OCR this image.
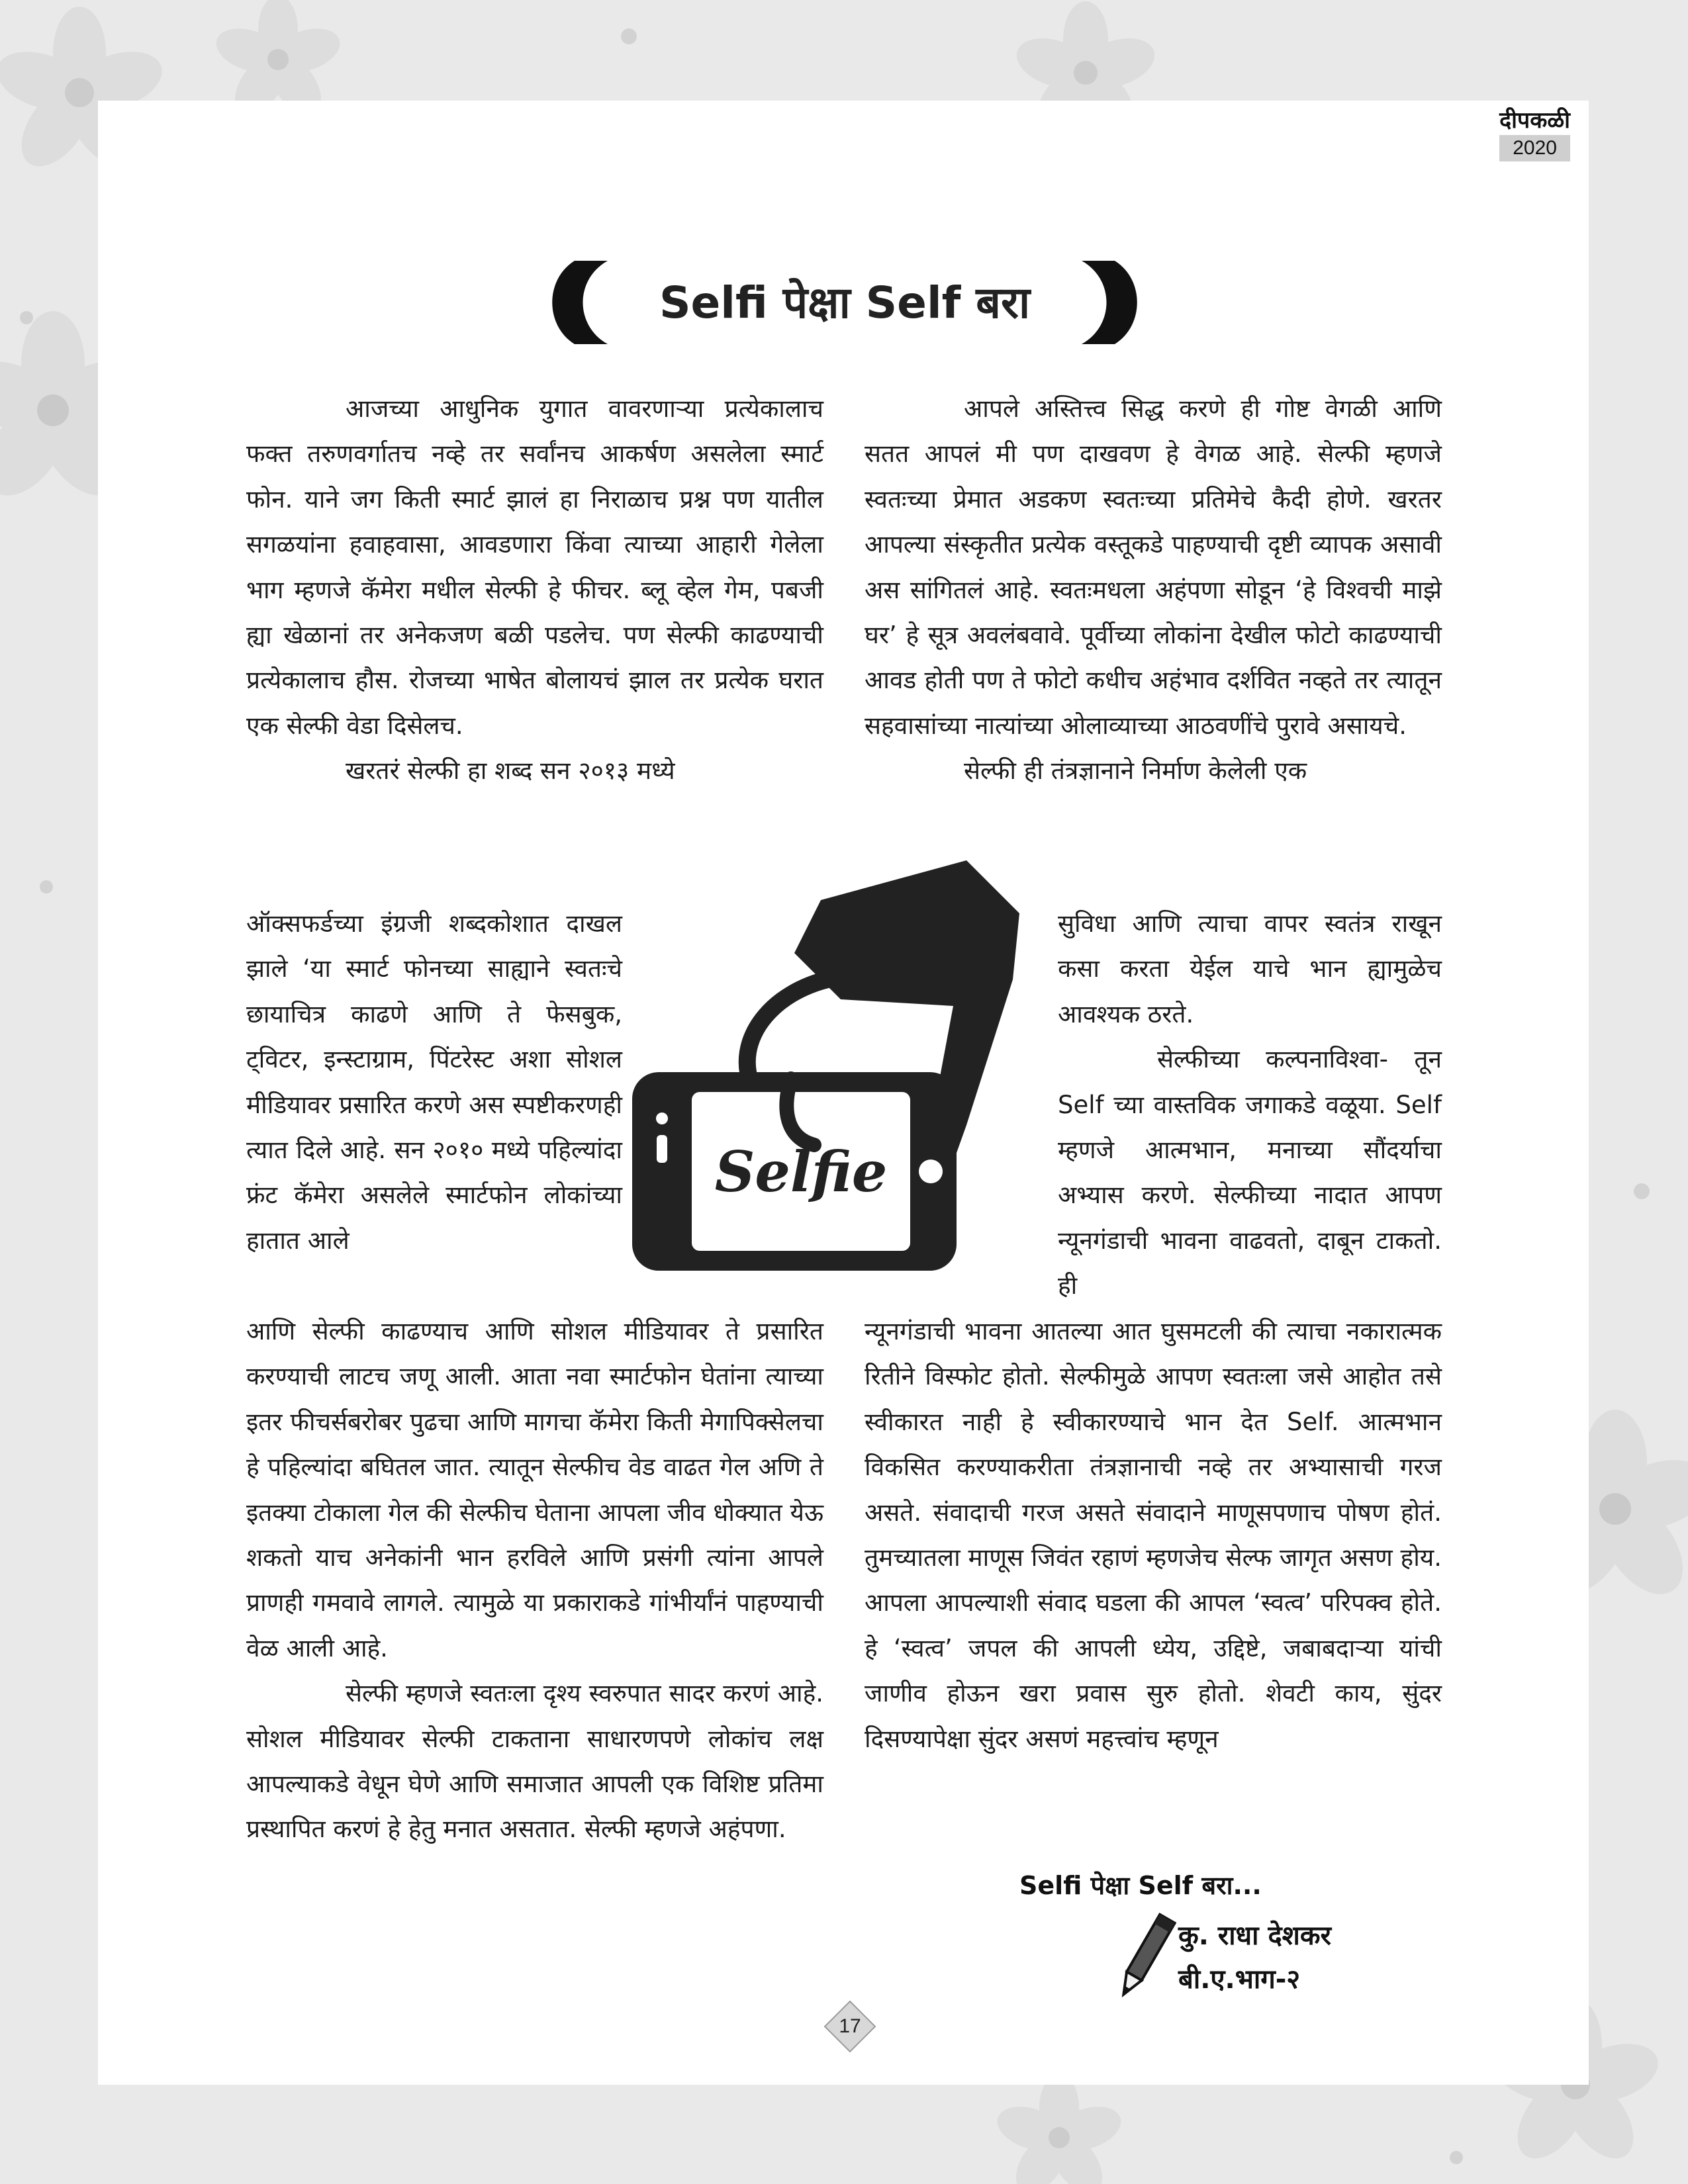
दीपकळी
2020
Selfi पेक्षा Self बरा

आजच्या आधुनिक युगात वावरणाऱ्या प्रत्येकालाच फक्त तरुणवर्गातच नव्हे तर सर्वांनच आकर्षण असलेला स्मार्ट फोन. याने जग किती स्मार्ट झालं हा निराळाच प्रश्न पण यातील सगळयांना हवाहवासा, आवडणारा किंवा त्याच्या आहारी गेलेला भाग म्हणजे कॅमेरा मधील सेल्फी हे फीचर. ब्लू व्हेल गेम, पबजी ह्या खेळानां तर अनेकजण बळी पडलेच. पण सेल्फी काढण्याची प्रत्येकालाच हौस. रोजच्या भाषेत बोलायचं झाल तर प्रत्येक घरात एक सेल्फी वेडा दिसेलच.

खरतरं सेल्फी हा शब्द सन २०१३ मध्ये

ऑक्सफर्डच्या इंग्रजी शब्दकोशात दाखल झाले ‘या स्मार्ट फोनच्या साह्याने स्वतःचे छायाचित्र काढणे आणि ते फेसबुक, ट्विटर, इन्स्टाग्राम, पिंटरेस्ट अशा सोशल मीडियावर प्रसारित करणे अस स्पष्टीकरणही त्यात दिले आहे. सन २०१० मध्ये पहिल्यांदा फ्रंट कॅमेरा असलेले स्मार्टफोन लोकांच्या हातात आले

आणि सेल्फी काढण्याच आणि सोशल मीडियावर ते प्रसारित करण्याची लाटच जणू आली. आता नवा स्मार्टफोन घेतांना त्याच्या इतर फीचर्सबरोबर पुढचा आणि मागचा कॅमेरा किती मेगापिक्सेलचा हे पहिल्यांदा बघितल जात. त्यातून सेल्फीच वेड वाढत गेल अणि ते इतक्या टोकाला गेल की सेल्फीच घेताना आपला जीव धोक्यात येऊ शकतो याच अनेकांनी भान हरविले आणि प्रसंगी त्यांना आपले प्राणही गमवावे लागले. त्यामुळे या प्रकाराकडे गांभीर्यांनं पाहण्याची वेळ आली आहे.

सेल्फी म्हणजे स्वतःला दृश्य स्वरुपात सादर करणं आहे. सोशल मीडियावर सेल्फी टाकताना साधारणपणे लोकांच लक्ष आपल्याकडे वेधून घेणे आणि समाजात आपली एक विशिष्ट प्रतिमा प्रस्थापित करणं हे हेतु मनात असतात. सेल्फी म्हणजे अहंपणा.

आपले अस्तित्त्व सिद्ध करणे ही गोष्ट वेगळी आणि सतत आपलं मी पण दाखवण हे वेगळ आहे. सेल्फी म्हणजे स्वतःच्या प्रेमात अडकण स्वतःच्या प्रतिमेचे कैदी होणे. खरतर आपल्या संस्कृतीत प्रत्येक वस्तूकडे पाहण्याची दृष्टी व्यापक असावी अस सांगितलं आहे. स्वतःमधला अहंपणा सोडून ‘हे विश्वची माझे घर’ हे सूत्र अवलंबवावे. पूर्वीच्या लोकांना देखील फोटो काढण्याची आवड होती पण ते फोटो कधीच अहंभाव दर्शवित नव्हते तर त्यातून सहवासांच्या नात्यांच्या ओलाव्याच्या आठवणींचे पुरावे असायचे.

सेल्फी ही तंत्रज्ञानाने निर्माण केलेली एक

सुविधा आणि त्याचा वापर स्वतंत्र राखून कसा करता येईल याचे भान ह्यामुळेच आवश्यक ठरते.

सेल्फीच्या कल्पनाविश्वा- तून Self च्या वास्तविक जगाकडे वळूया. Self म्हणजे आत्मभान, मनाच्या सौंदर्याचा अभ्यास करणे. सेल्फीच्या नादात आपण न्यूनगंडाची भावना वाढवतो, दाबून टाकतो. ही

न्यूनगंडाची भावना आतल्या आत घुसमटली की त्याचा नकारात्मक रितीने विस्फोट होतो. सेल्फीमुळे आपण स्वतःला जसे आहोत तसे स्वीकारत नाही हे स्वीकारण्याचे भान देत Self. आत्मभान विकसित करण्याकरीता तंत्रज्ञानाची नव्हे तर अभ्यासाची गरज असते. संवादाची गरज असते संवादाने माणूसपणाच पोषण होतं. तुमच्यातला माणूस जिवंत रहाणं म्हणजेच सेल्फ जागृत असण होय. आपला आपल्याशी संवाद घडला की आपल ‘स्वत्व’ परिपक्व होते. हे ‘स्वत्व’ जपल की आपली ध्येय, उद्दिष्टे, जबाबदाऱ्या यांची जाणीव होऊन खरा प्रवास सुरु होतो. शेवटी काय, सुंदर दिसण्यापेक्षा सुंदर असणं महत्त्वांच म्हणून

Selfie
Selfi पेक्षा Self बरा...
कु. राधा देशकर
बी.ए.भाग-२
17
